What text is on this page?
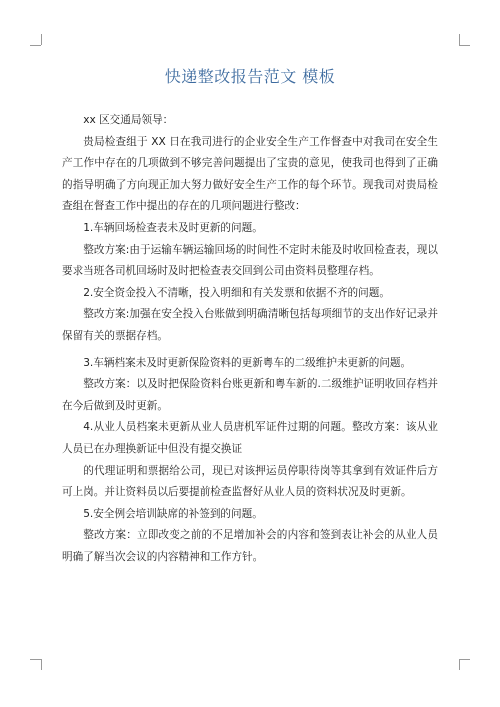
快递整改报告范文 模板

xx 区交通局领导：

贵局检查组于 XX 日在我司进行的企业安全生产工作督查中对我司在安全生产工作中存在的几项做到不够完善问题提出了宝贵的意见，使我司也得到了正确的指导明确了方向现正加大努力做好安全生产工作的每个环节。现我司对贵局检查组在督查工作中提出的存在的几项问题进行整改：

1.车辆回场检查表未及时更新的问题。

整改方案:由于运输车辆运输回场的时间性不定时未能及时收回检查表，现以要求当班各司机回场时及时把检查表交回到公司由资料员整理存档。

2.安全资金投入不清晰，投入明细和有关发票和依据不齐的问题。

整改方案:加强在安全投入台账做到明确清晰包括每项细节的支出作好记录并保留有关的票据存档。

3.车辆档案未及时更新保险资料的更新粤车的二级维护未更新的问题。

整改方案：以及时把保险资料台账更新和粤车新的.二级维护证明收回存档并在今后做到及时更新。

4.从业人员档案未更新从业人员唐机军证件过期的问题。整改方案：该从业人员已在办理换新证中但没有提交换证

的代理证明和票据给公司，现已对该押运员停职待岗等其拿到有效证件后方可上岗。并让资料员以后要提前检查监督好从业人员的资料状况及时更新。

5.安全例会培训缺席的补签到的问题。

整改方案：立即改变之前的不足增加补会的内容和签到表让补会的从业人员明确了解当次会议的内容精神和工作方针。
